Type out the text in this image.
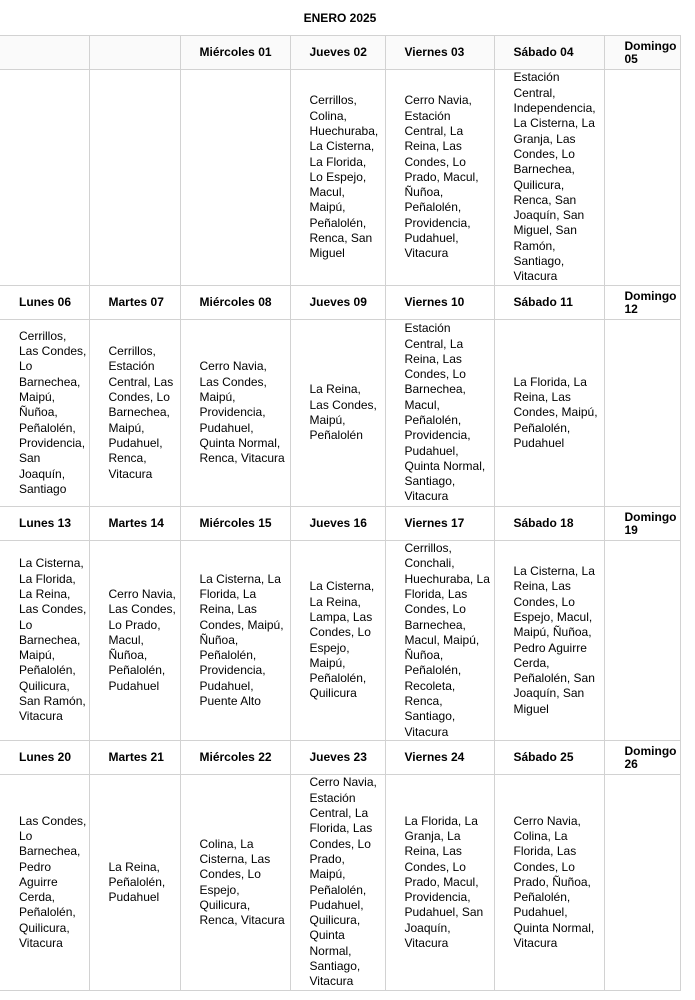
ENERO 2025
		Miércoles 01	Jueves 02	Viernes 03	Sábado 04	Domingo 05
			Cerrillos, Colina, Huechuraba, La Cisterna, La Florida, Lo Espejo, Macul, Maipú, Peñalolén, Renca, San Miguel	Cerro Navia, Estación Central, La Reina, Las Condes, Lo Prado, Macul, Ñuñoa, Peñalolén, Providencia, Pudahuel, Vitacura	Estación Central, Independencia, La Cisterna, La Granja, Las Condes, Lo Barnechea, Quilicura, Renca, San Joaquín, San Miguel, San Ramón, Santiago, Vitacura	
Lunes 06	Martes 07	Miércoles 08	Jueves 09	Viernes 10	Sábado 11	Domingo 12
Cerrillos, Las Condes, Lo Barnechea, Maipú, Ñuñoa, Peñalolén, Providencia, San Joaquín, Santiago	Cerrillos, Estación Central, Las Condes, Lo Barnechea, Maipú, Pudahuel, Renca, Vitacura	Cerro Navia, Las Condes, Maipú, Providencia, Pudahuel, Quinta Normal, Renca, Vitacura	La Reina, Las Condes, Maipú, Peñalolén	Estación Central, La Reina, Las Condes, Lo Barnechea, Macul, Peñalolén, Providencia, Pudahuel, Quinta Normal, Santiago, Vitacura	La Florida, La Reina, Las Condes, Maipú, Peñalolén, Pudahuel	
Lunes 13	Martes 14	Miércoles 15	Jueves 16	Viernes 17	Sábado 18	Domingo 19
La Cisterna, La Florida, La Reina, Las Condes, Lo Barnechea, Maipú, Peñalolén, Quilicura, San Ramón, Vitacura	Cerro Navia, Las Condes, Lo Prado, Macul, Ñuñoa, Peñalolén, Pudahuel	La Cisterna, La Florida, La Reina, Las Condes, Maipú, Ñuñoa, Peñalolén, Providencia, Pudahuel, Puente Alto	La Cisterna, La Reina, Lampa, Las Condes, Lo Espejo, Maipú, Peñalolén, Quilicura	Cerrillos, Conchali, Huechuraba, La Florida, Las Condes, Lo Barnechea, Macul, Maipú, Ñuñoa, Peñalolén, Recoleta, Renca, Santiago, Vitacura	La Cisterna, La Reina, Las Condes, Lo Espejo, Macul, Maipú, Ñuñoa, Pedro Aguirre Cerda, Peñalolén, San Joaquín, San Miguel	
Lunes 20	Martes 21	Miércoles 22	Jueves 23	Viernes 24	Sábado 25	Domingo 26
Las Condes, Lo Barnechea, Pedro Aguirre Cerda, Peñalolén, Quilicura, Vitacura	La Reina, Peñalolén, Pudahuel	Colina, La Cisterna, Las Condes, Lo Espejo, Quilicura, Renca, Vitacura	Cerro Navia, Estación Central, La Florida, Las Condes, Lo Prado, Maipú, Peñalolén, Pudahuel, Quilicura, Quinta Normal, Santiago, Vitacura	La Florida, La Granja, La Reina, Las Condes, Lo Prado, Macul, Providencia, Pudahuel, San Joaquín, Vitacura	Cerro Navia, Colina, La Florida, Las Condes, Lo Prado, Ñuñoa, Peñalolén, Pudahuel, Quinta Normal, Vitacura	
